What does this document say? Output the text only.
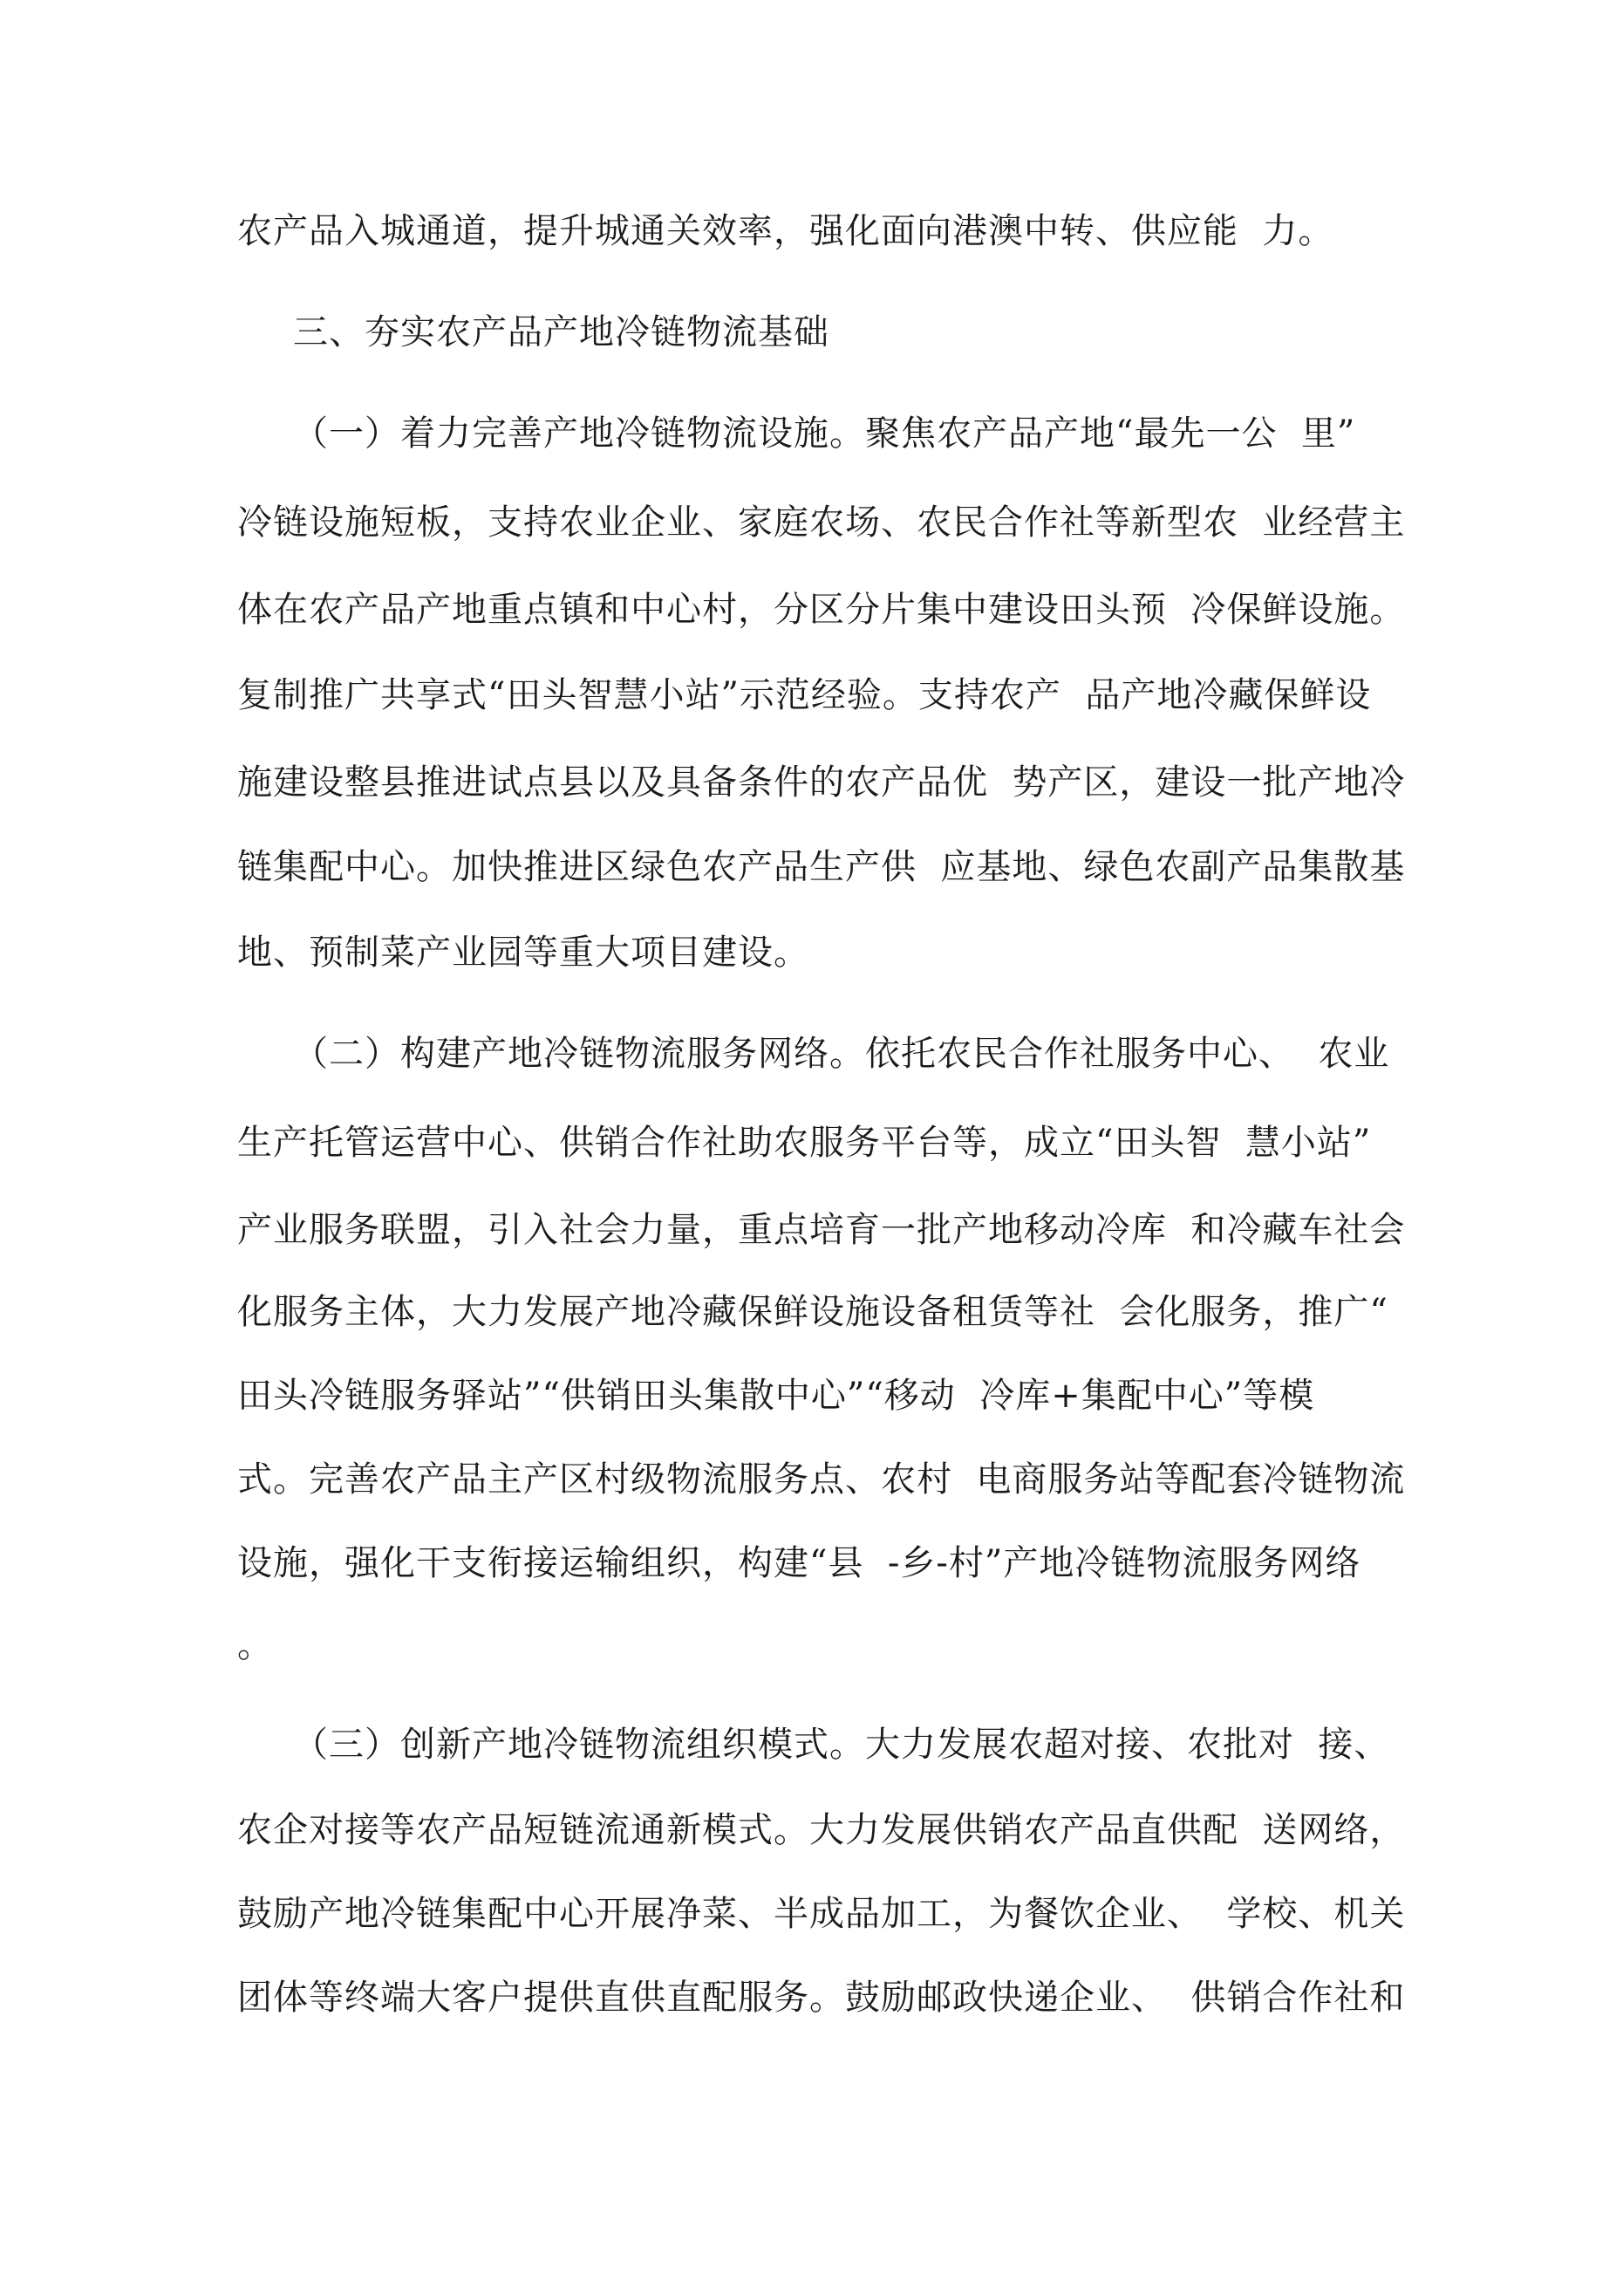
农产品入城通道，提升城通关效率，强化面向港澳中转、供应能  力。
三、夯实农产品产地冷链物流基础
（一）着力完善产地冷链物流设施。聚焦农产品产地“最先一公  里”
冷链设施短板，支持农业企业、家庭农场、农民合作社等新型农  业经营主
体在农产品产地重点镇和中心村，分区分片集中建设田头预  冷保鲜设施。
复制推广共享式“田头智慧小站”示范经验。支持农产  品产地冷藏保鲜设
施建设整县推进试点县以及具备条件的农产品优  势产区，建设一批产地冷
链集配中心。加快推进区绿色农产品生产供  应基地、绿色农副产品集散基
地、预制菜产业园等重大项目建设。
（二）构建产地冷链物流服务网络。依托农民合作社服务中心、  农业
生产托管运营中心、供销合作社助农服务平台等，成立“田头智  慧小站”
产业服务联盟，引入社会力量，重点培育一批产地移动冷库  和冷藏车社会
化服务主体，大力发展产地冷藏保鲜设施设备租赁等社  会化服务，推广“
田头冷链服务驿站”“供销田头集散中心”“移动  冷库+集配中心”等模
式。完善农产品主产区村级物流服务点、农村  电商服务站等配套冷链物流
设施，强化干支衔接运输组织，构建“县  -乡-村”产地冷链物流服务网络
。
（三）创新产地冷链物流组织模式。大力发展农超对接、农批对  接、
农企对接等农产品短链流通新模式。大力发展供销农产品直供配  送网络，
鼓励产地冷链集配中心开展净菜、半成品加工，为餐饮企业、  学校、机关
团体等终端大客户提供直供直配服务。鼓励邮政快递企业、  供销合作社和
